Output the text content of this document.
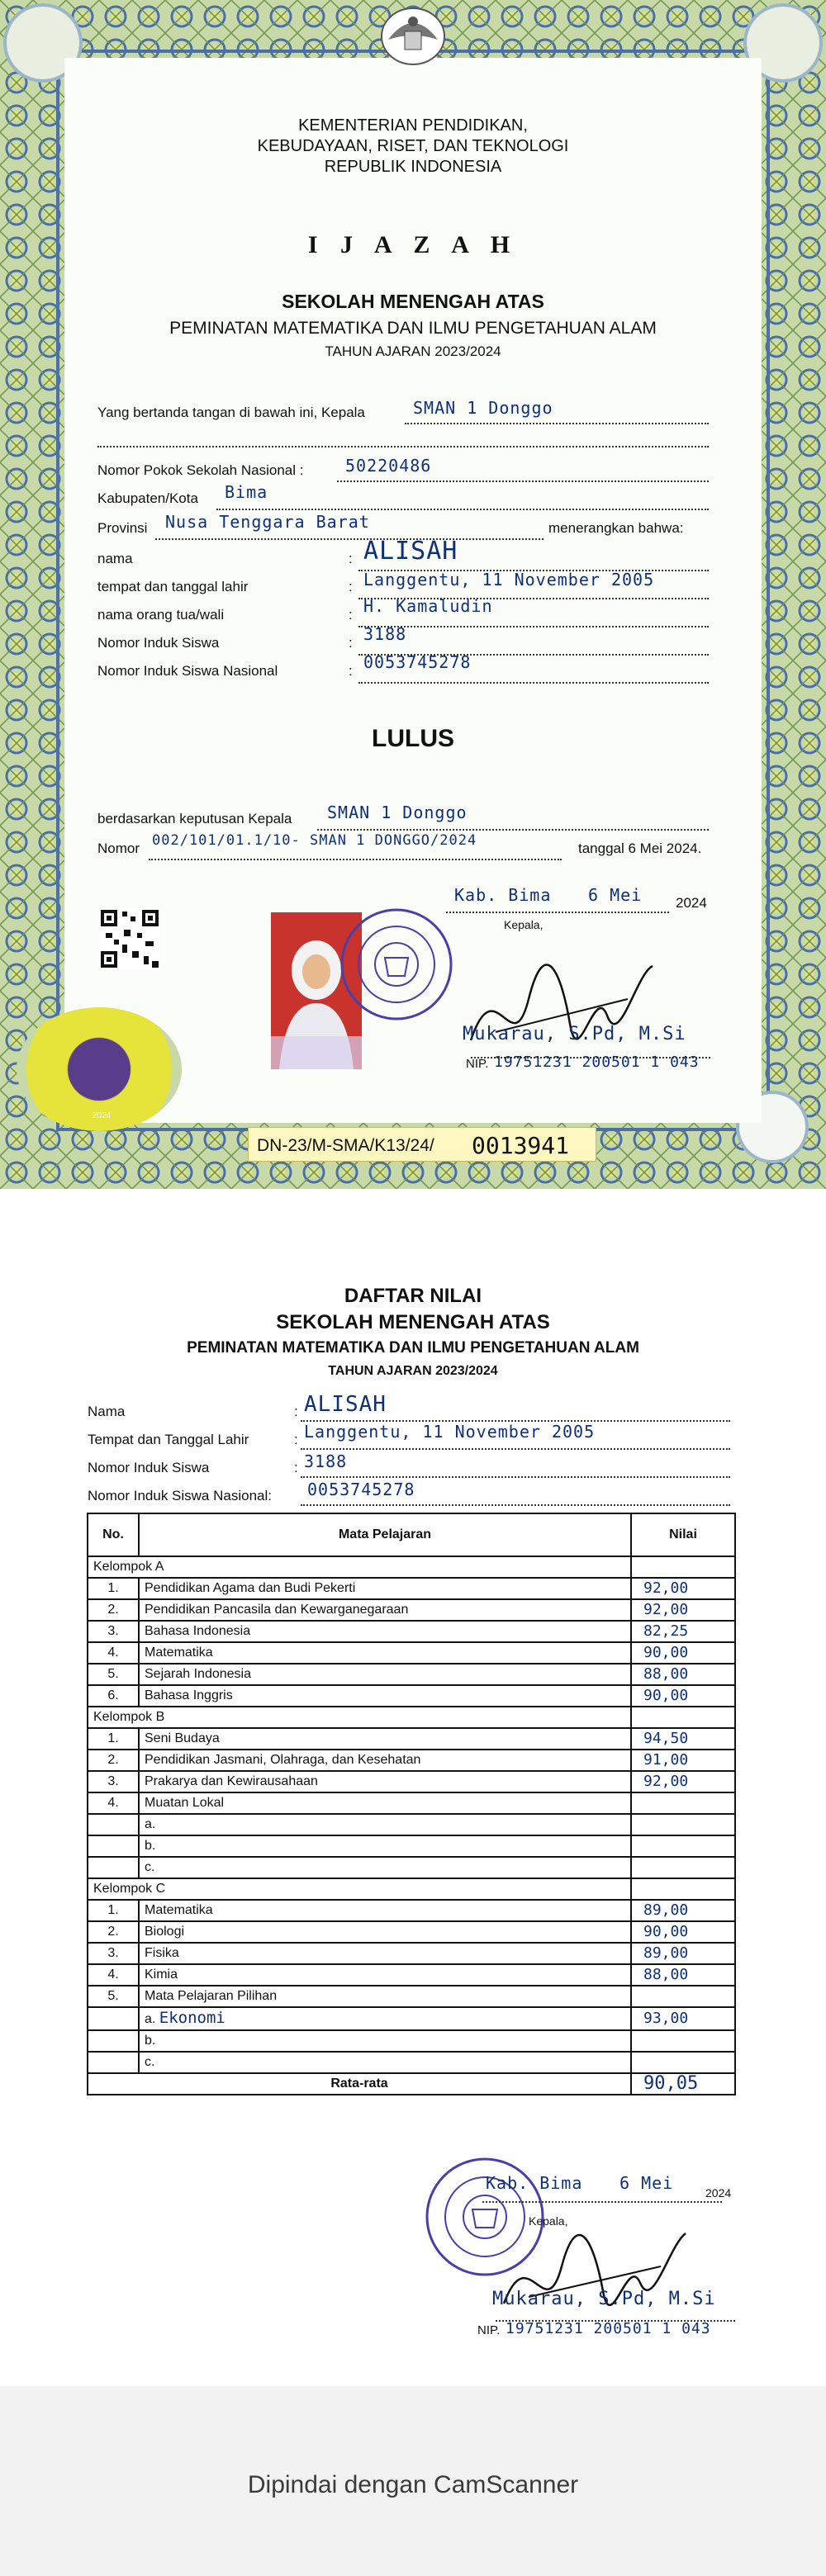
KEMENTERIAN PENDIDIKAN,
KEBUDAYAAN, RISET, DAN TEKNOLOGI
REPUBLIK INDONESIA
I J A Z A H
SEKOLAH MENENGAH ATAS
PEMINATAN MATEMATIKA DAN ILMU PENGETAHUAN ALAM
TAHUN AJARAN 2023/2024
Yang bertanda tangan di bawah ini, Kepala	SMAN 1 Donggo
Nomor Pokok Sekolah Nasional :	50220486
Kabupaten/Kota Bima
Provinsi Nusa Tenggara Barat	menerangkan bahwa:
nama	: ALISAH
tempat dan tanggal lahir	: Langgentu, 11 November 2005
nama orang tua/wali	: H. Kamaludin
Nomor Induk Siswa	: 3188
Nomor Induk Siswa Nasional	: 0053745278
LULUS
berdasarkan keputusan Kepala SMAN 1 Donggo
Nomor 002/101/01.1/10- SMAN 1 DONGGO/2024	tanggal 6 Mei 2024.
Kab. Bima 6 Mei 2024
Kepala,
Mukarau, S.Pd, M.Si
NIP. 19751231 200501 1 043
2024
DN-23/M-SMA/K13/24/ 0013941
DAFTAR NILAI
SEKOLAH MENENGAH ATAS
PEMINATAN MATEMATIKA DAN ILMU PENGETAHUAN ALAM
TAHUN AJARAN 2023/2024
Nama	: ALISAH
Tempat dan Tanggal Lahir	: Langgentu, 11 November 2005
Nomor Induk Siswa	: 3188
Nomor Induk Siswa Nasional: 0053745278
No.	Mata Pelajaran	Nilai
Kelompok A		
1.	Pendidikan Agama dan Budi Pekerti	92,00
2.	Pendidikan Pancasila dan Kewarganegaraan	92,00
3.	Bahasa Indonesia	82,25
4.	Matematika	90,00
5.	Sejarah Indonesia	88,00
6.	Bahasa Inggris	90,00
Kelompok B		
1.	Seni Budaya	94,50
2.	Pendidikan Jasmani, Olahraga, dan Kesehatan	91,00
3.	Prakarya dan Kewirausahaan	92,00
4.	Muatan Lokal	
	a.	
	b.	
	c.	
Kelompok C		
1.	Matematika	89,00
2.	Biologi	90,00
3.	Fisika	89,00
4.	Kimia	88,00
5.	Mata Pelajaran Pilihan	
	a. Ekonomi	93,00
	b.	
	c.	
Rata-rata		90,05
Kab. Bima 6 Mei	2024
Kepala,
Mukarau, S.Pd, M.Si
NIP. 19751231 200501 1 043
Dipindai dengan CamScanner
